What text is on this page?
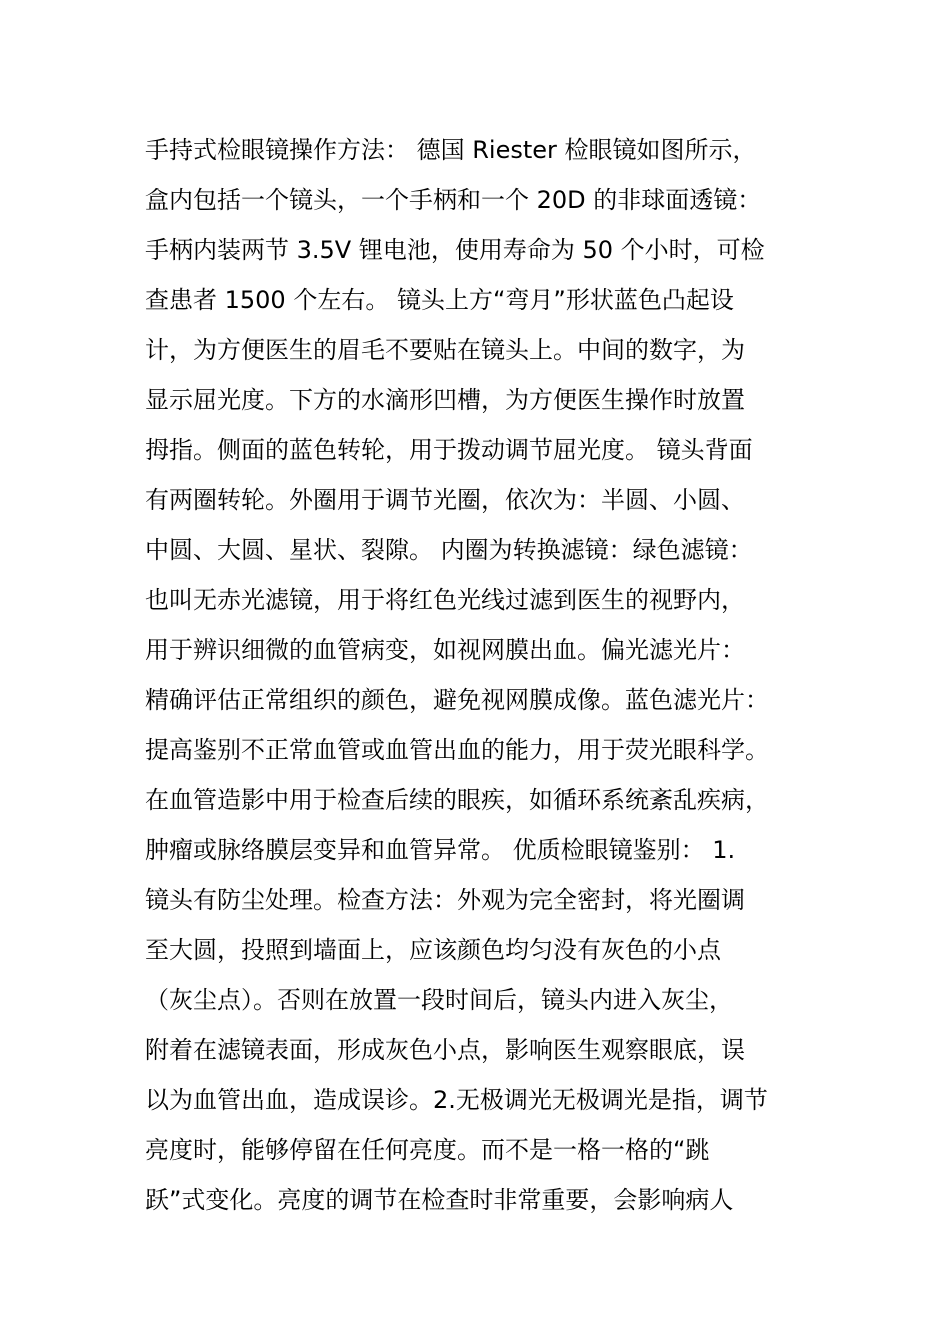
手持式检眼镜操作方法： 德国 Riester 检眼镜如图所示，
盒内包括一个镜头，一个手柄和一个 20D 的非球面透镜：
手柄内装两节 3.5V 锂电池，使用寿命为 50 个小时，可检
查患者 1500 个左右。 镜头上方“弯月”形状蓝色凸起设
计，为方便医生的眉毛不要贴在镜头上。中间的数字，为
显示屈光度。下方的水滴形凹槽，为方便医生操作时放置
拇指。侧面的蓝色转轮，用于拨动调节屈光度。 镜头背面
有两圈转轮。外圈用于调节光圈，依次为：半圆、小圆、
中圆、大圆、星状、裂隙。 内圈为转换滤镜：绿色滤镜：
也叫无赤光滤镜，用于将红色光线过滤到医生的视野内，
用于辨识细微的血管病变，如视网膜出血。偏光滤光片：
精确评估正常组织的颜色，避免视网膜成像。蓝色滤光片：
提高鉴别不正常血管或血管出血的能力，用于荧光眼科学。
在血管造影中用于检查后续的眼疾，如循环系统紊乱疾病，
肿瘤或脉络膜层变异和血管异常。 优质检眼镜鉴别： 1.
镜头有防尘处理。检查方法：外观为完全密封，将光圈调
至大圆，投照到墙面上，应该颜色均匀没有灰色的小点
（灰尘点）。否则在放置一段时间后，镜头内进入灰尘，
附着在滤镜表面，形成灰色小点，影响医生观察眼底，误
以为血管出血，造成误诊。2.无极调光无极调光是指，调节
亮度时，能够停留在任何亮度。而不是一格一格的“跳
跃”式变化。亮度的调节在检查时非常重要，会影响病人
